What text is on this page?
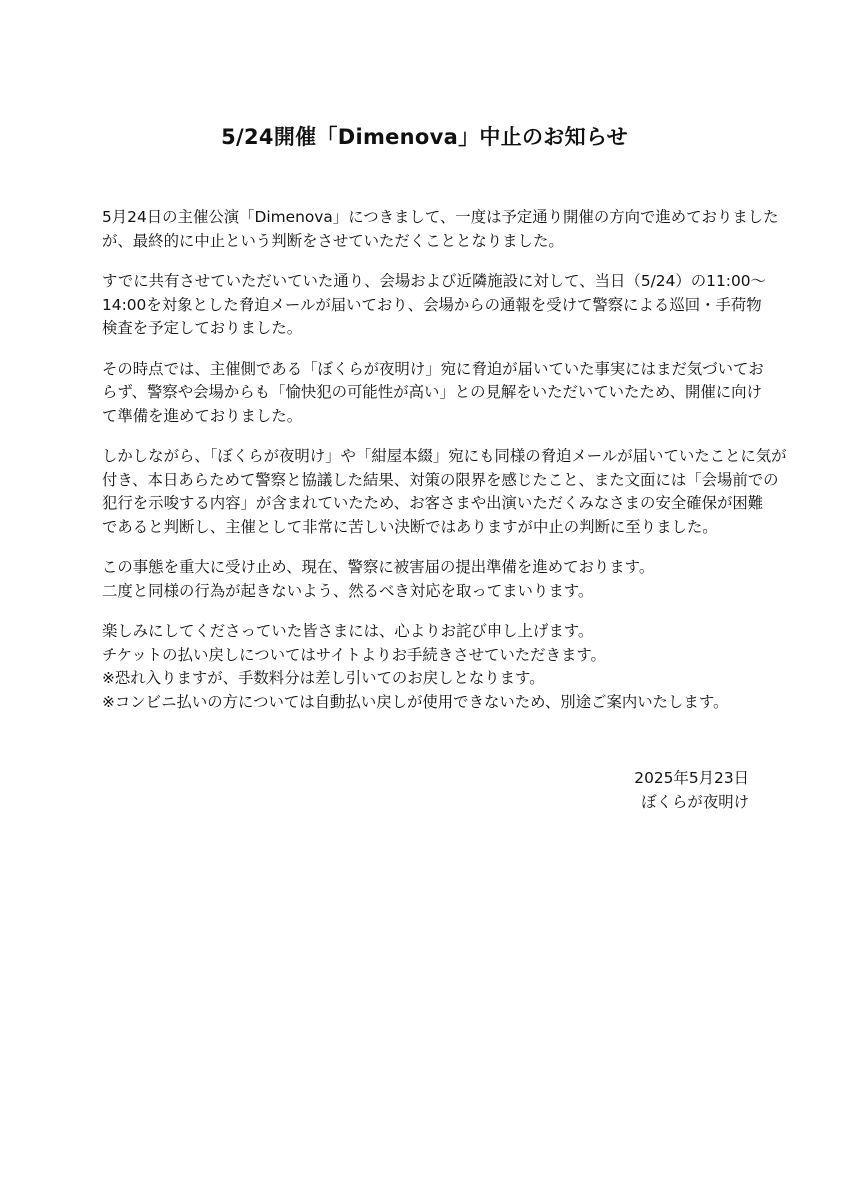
5/24開催「Dimenova」中止のお知らせ

5月24日の主催公演「Dimenova」につきまして、一度は予定通り開催の方向で進めておりました
が、最終的に中止という判断をさせていただくこととなりました。

すでに共有させていただいていた通り、会場および近隣施設に対して、当日（5/24）の11:00〜
14:00を対象とした脅迫メールが届いており、会場からの通報を受けて警察による巡回・手荷物
検査を予定しておりました。

その時点では、主催側である「ぼくらが夜明け」宛に脅迫が届いていた事実にはまだ気づいてお
らず、警察や会場からも「愉快犯の可能性が高い」との見解をいただいていたため、開催に向け
て準備を進めておりました。

しかしながら、「ぼくらが夜明け」や「紺屋本綴」宛にも同様の脅迫メールが届いていたことに気が
付き、本日あらためて警察と協議した結果、対策の限界を感じたこと、また文面には「会場前での
犯行を示唆する内容」が含まれていたため、お客さまや出演いただくみなさまの安全確保が困難
であると判断し、主催として非常に苦しい決断ではありますが中止の判断に至りました。

この事態を重大に受け止め、現在、警察に被害届の提出準備を進めております。
二度と同様の行為が起きないよう、然るべき対応を取ってまいります。

楽しみにしてくださっていた皆さまには、心よりお詫び申し上げます。
チケットの払い戻しについてはサイトよりお手続きさせていただきます。
※恐れ入りますが、手数料分は差し引いてのお戻しとなります。
※コンビニ払いの方については自動払い戻しが使用できないため、別途ご案内いたします。

2025年5月23日
ぼくらが夜明け
